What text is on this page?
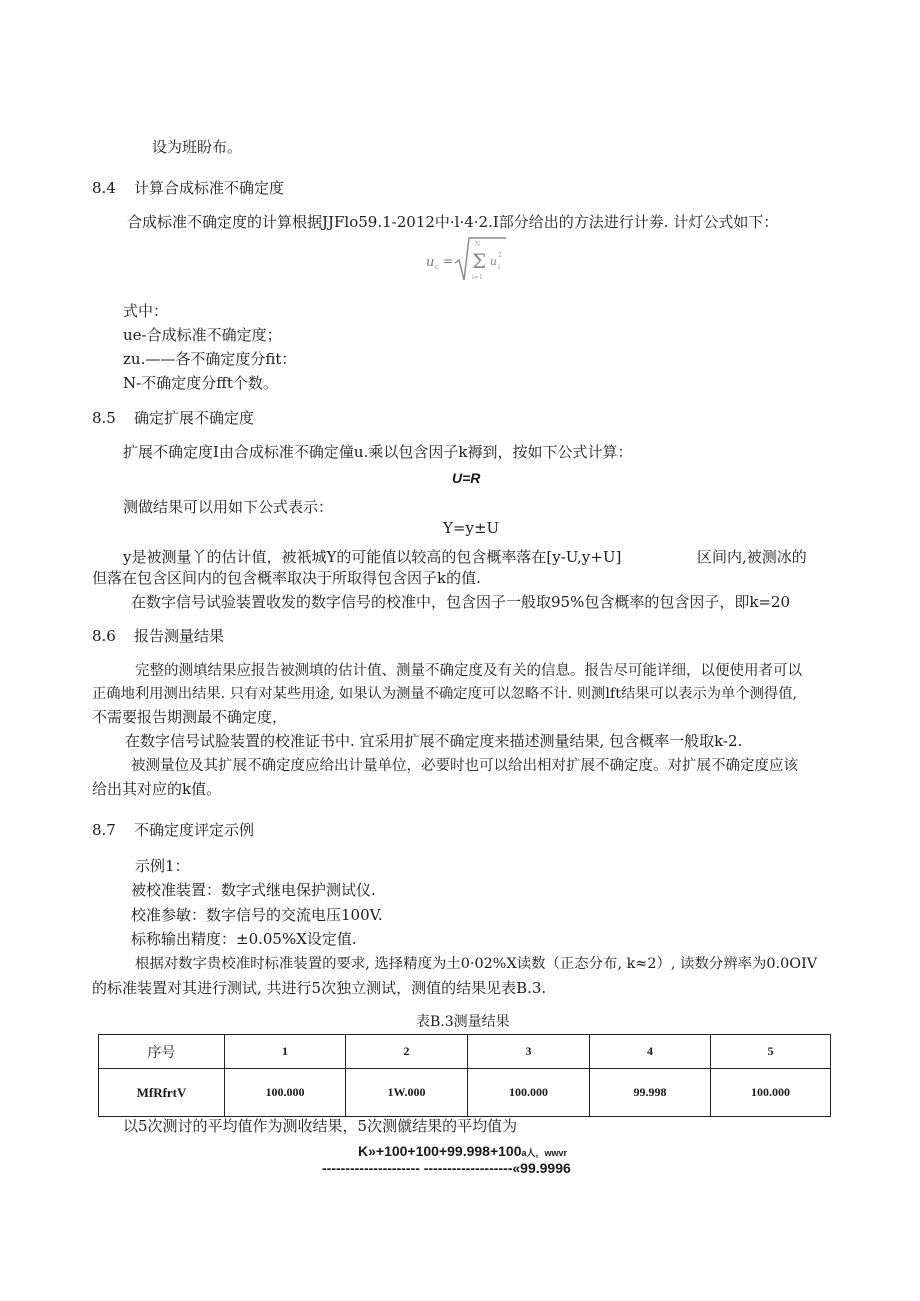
设为班盼布。
8.4 计算合成标准不确定度
合成标准不确定度的计算根据JJFlo59.1-2012中·l·4·2.I部分给出的方法进行计劵. 计灯公式如下：
u c = Σ
N
i=1
u 2
i
式中：
ue-合成标准不确定度；
zu.——各不确定度分fit：
N-不确定度分fft个数。
8.5 确定扩展不确定度
扩展不确定度I由合成标准不确定僮u.乘以包含因子k褥到，按如下公式计算：
U=R
测做结果可以用如下公式表示：
Y=y±U
y是被测量丫的估计值，被祇城Y的可能值以较高的包含概率落在[y-U,y+U]	区间内,被测冰的
但落在包含区间内的包含概率取决于所取得包含因子k的值.
在数字信号试验装置收发的数字信号的校准中，包含因子一般取95%包含概率的包含因子，即k=20
8.6 报告测量结果
完整的测填结果应报告被测填的估计值、测量不确定度及有关的信息。报告尽可能详细，以便使用者可以
正确地利用测出结果. 只有对某些用途, 如果认为测量不确定度可以忽略不计. 则测lft结果可以表示为单个测得值,
不需要报告期测最不确定度，
在数字信号试脸装置的校准证书中. 宜采用扩展不确定度来描述测量结果, 包含概率一般取k-2.
被测量位及其扩展不确定度应给出计量单位，必要时也可以给出相对扩展不确定度。对扩展不确定度应该
给出其对应的k值。
8.7 不确定度评定示例
示例1：
被校准装置：数字式继电保护测试仪.
校准参敏：数字信号的交流电压100V.
标称输出精度：±0.05%X设定值.
根据对数字贵校准时标准装置的要求, 选择精度为土0·02%X读数（正态分布, k≈2）, 读数分辨率为0.0OIV
的标准装置对其进行测试, 共进行5次独立测试，测值的结果见表B.3.
表B.3测量结果
序号	1	2	3	4	5
MfRfrtV	100.000	1W.000	100.000	99.998	100.000
以5次测讨的平均值作为测收结果，5次测僦结果的平均值为
K»+100+100+99.998+100a人，wwvr
--------------------- -------------------«99.9996
